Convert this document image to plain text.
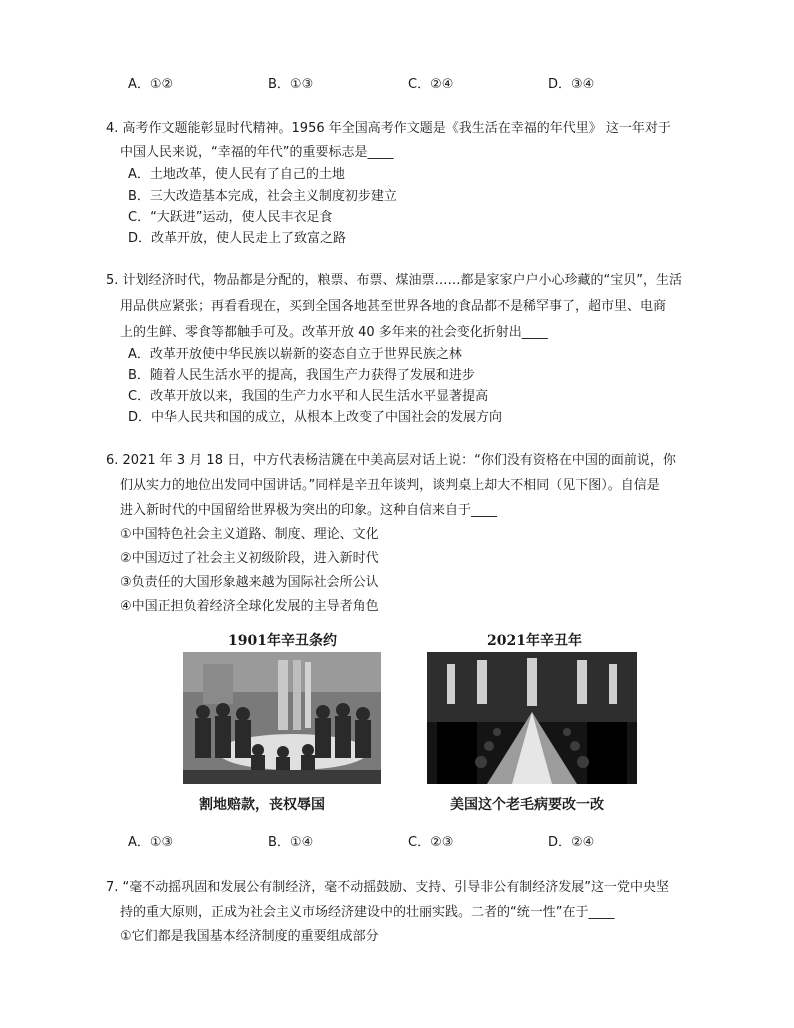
A．①②	B．①③	C．②④	D．③④
4. 高考作文题能彰显时代精神。1956 年全国高考作文题是《我生活在幸福的年代里》 这一年对于
中国人民来说，“幸福的年代”的重要标志是____
A．土地改革，使人民有了自己的土地
B．三大改造基本完成，社会主义制度初步建立
C．“大跃进”运动，使人民丰衣足食
D．改革开放，使人民走上了致富之路
5. 计划经济时代，物品都是分配的，粮票、布票、煤油票……都是家家户户小心珍藏的“宝贝”，生活
用品供应紧张；再看看现在，买到全国各地甚至世界各地的食品都不是稀罕事了，超市里、电商
上的生鲜、零食等都触手可及。改革开放 40 多年来的社会变化折射出____
A．改革开放使中华民族以崭新的姿态自立于世界民族之林
B．随着人民生活水平的提高，我国生产力获得了发展和进步
C．改革开放以来，我国的生产力水平和人民生活水平显著提高
D．中华人民共和国的成立，从根本上改变了中国社会的发展方向
6. 2021 年 3 月 18 日，中方代表杨洁篪在中美高层对话上说：“你们没有资格在中国的面前说，你
们从实力的地位出发同中国讲话。”同样是辛丑年谈判，谈判桌上却大不相同（见下图）。自信是
进入新时代的中国留给世界极为突出的印象。这种自信来自于____
①中国特色社会主义道路、制度、理论、文化
②中国迈过了社会主义初级阶段，进入新时代
③负责任的大国形象越来越为国际社会所公认
④中国正担负着经济全球化发展的主导者角色
1901年辛丑条约
割地赔款，丧权辱国
2021年辛丑年
美国这个老毛病要改一改
A．①③	B．①④	C．②③	D．②④
7. “毫不动摇巩固和发展公有制经济，毫不动摇鼓励、支持、引导非公有制经济发展”这一党中央坚
持的重大原则，正成为社会主义市场经济建设中的壮丽实践。二者的“统一性”在于____
①它们都是我国基本经济制度的重要组成部分
